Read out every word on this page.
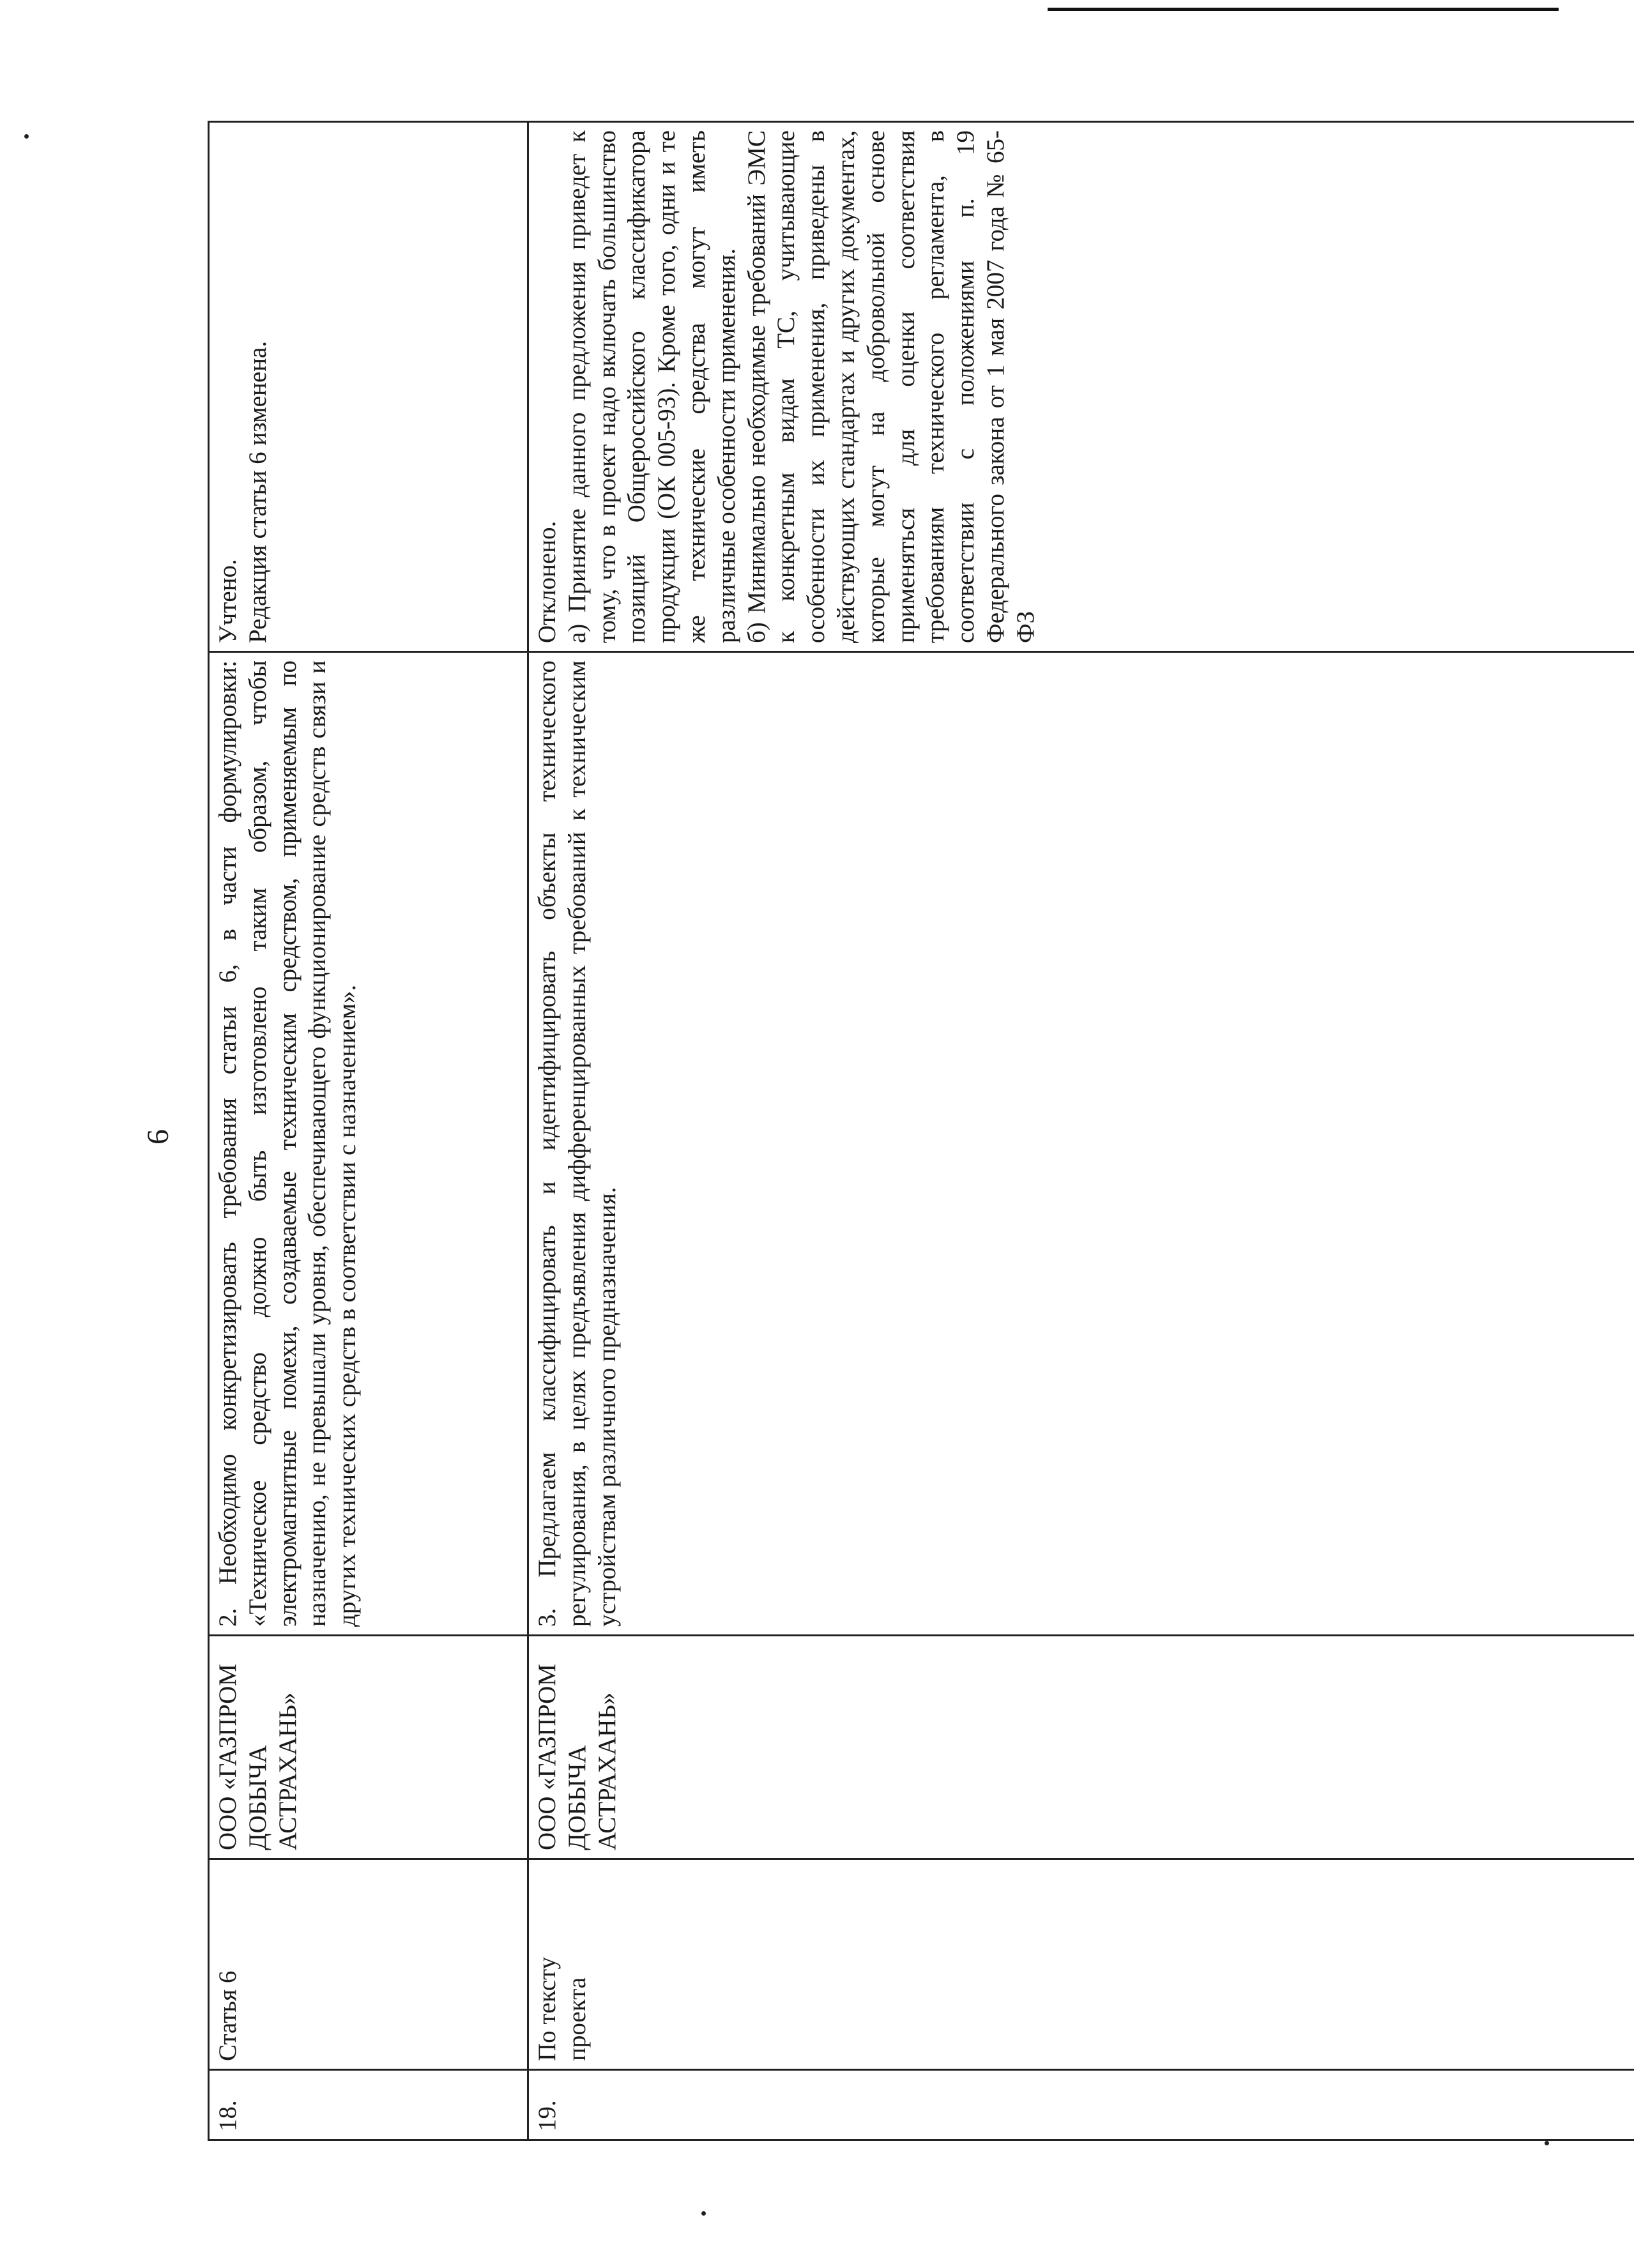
6
18.	Статья 6	ООО «ГАЗПРОМ ДОБЫЧА АСТРАХАНЬ»	2. Необходимо конкретизировать требования статьи 6, в части формулировки: «Техническое средство должно быть изготовлено таким образом, чтобы электромагнитные помехи, создаваемые техническим средством, применяемым по назначению, не превышали уровня, обеспечивающего функционирование средств связи и других технических средств в соответствии с назначением».	Учтено. Редакция статьи 6 изменена.

19.	По тексту проекта	ООО «ГАЗПРОМ ДОБЫЧА АСТРАХАНЬ»	3. Предлагаем классифицировать и идентифицировать объекты технического регулирования, в целях предъявления дифференцированных требований к техническим устройствам различного предназначения.	Отклонено. а) Принятие данного предложения приведет к тому, что в проект надо включать большинство позиций Общероссийского классификатора продукции (ОК 005-93). Кроме того, одни и те же технические средства могут иметь различные особенности применения. б) Минимально необходимые требований ЭМС к конкретным видам ТС, учитывающие особенности их применения, приведены в действующих стандартах и других документах, которые могут на добровольной основе применяться для оценки соответствия требованиям технического регламента, в соответствии с положениями п. 19 Федерального закона от 1 мая 2007 года № 65-ФЗ
